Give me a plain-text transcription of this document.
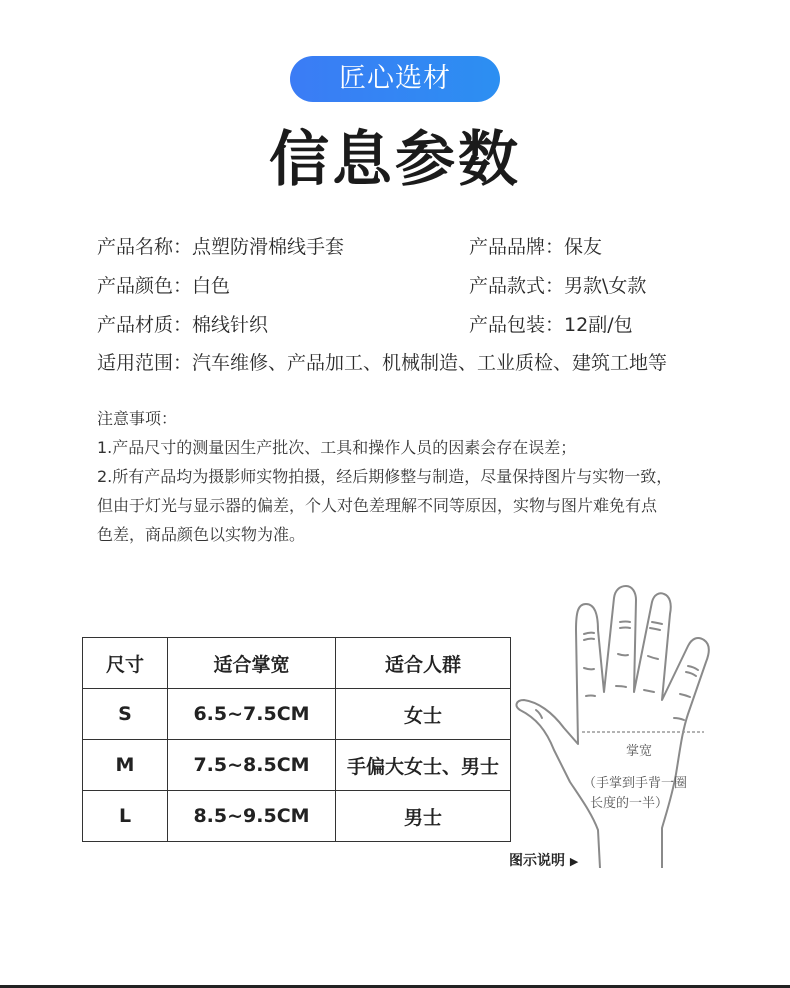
匠心选材
信息参数
产品名称：点塑防滑棉线手套	产品品牌：保友
产品颜色：白色	产品款式：男款\女款
产品材质：棉线针织	产品包装：12副/包
适用范围：汽车维修、产品加工、机械制造、工业质检、建筑工地等
注意事项：
1.产品尺寸的测量因生产批次、工具和操作人员的因素会存在误差；
2.所有产品均为摄影师实物拍摄，经后期修整与制造，尽量保持图片与实物一致，
但由于灯光与显示器的偏差，个人对色差理解不同等原因，实物与图片难免有点
色差，商品颜色以实物为准。
尺寸	适合掌宽	适合人群
S	6.5~7.5CM	女士
M	7.5~8.5CM	手偏大女士、男士
L	8.5~9.5CM	男士
掌宽
（手掌到手背一圈
长度的一半）
图示说明 ▶
